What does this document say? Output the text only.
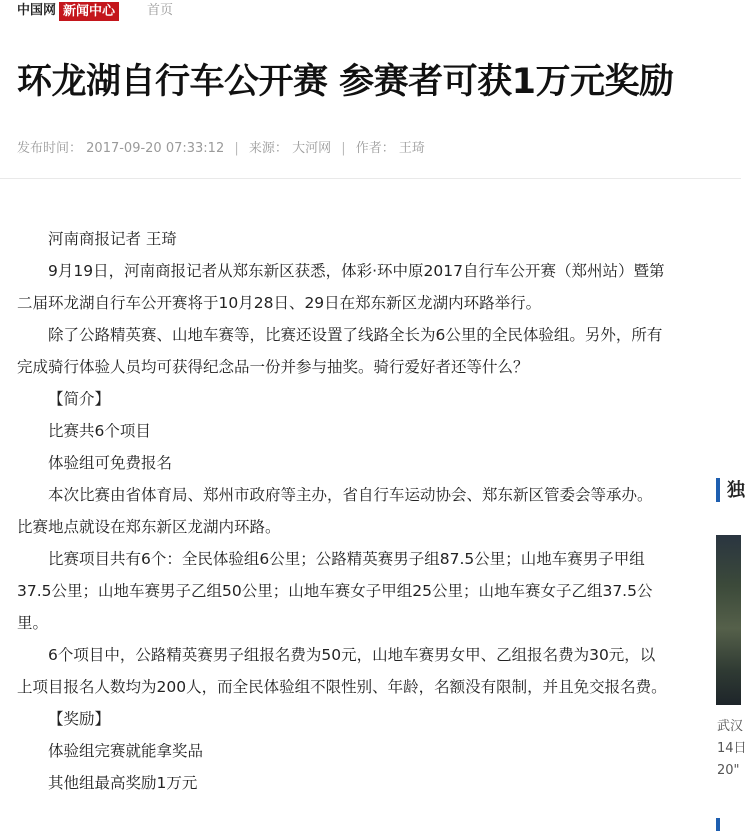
中国网 新闻中心	首页
环龙湖自行车公开赛 参赛者可获1万元奖励
发布时间： 2017-09-20 07:33:12 | 来源： 大河网 | 作者： 王琦

河南商报记者 王琦

9月19日，河南商报记者从郑东新区获悉，体彩·环中原2017自行车公开赛（郑州站）暨第二届环龙湖自行车公开赛将于10月28日、29日在郑东新区龙湖内环路举行。

除了公路精英赛、山地车赛等，比赛还设置了线路全长为6公里的全民体验组。另外，所有完成骑行体验人员均可获得纪念品一份并参与抽奖。骑行爱好者还等什么？

【简介】

比赛共6个项目

体验组可免费报名

本次比赛由省体育局、郑州市政府等主办，省自行车运动协会、郑东新区管委会等承办。比赛地点就设在郑东新区龙湖内环路。

比赛项目共有6个：全民体验组6公里；公路精英赛男子组87.5公里；山地车赛男子甲组37.5公里；山地车赛男子乙组50公里；山地车赛女子甲组25公里；山地车赛女子乙组37.5公里。

6个项目中，公路精英赛男子组报名费为50元，山地车赛男女甲、乙组报名费为30元，以上项目报名人数均为200人，而全民体验组不限性别、年龄，名额没有限制，并且免交报名费。

【奖励】

体验组完赛就能拿奖品

其他组最高奖励1万元

独
武汉
14日
20"
